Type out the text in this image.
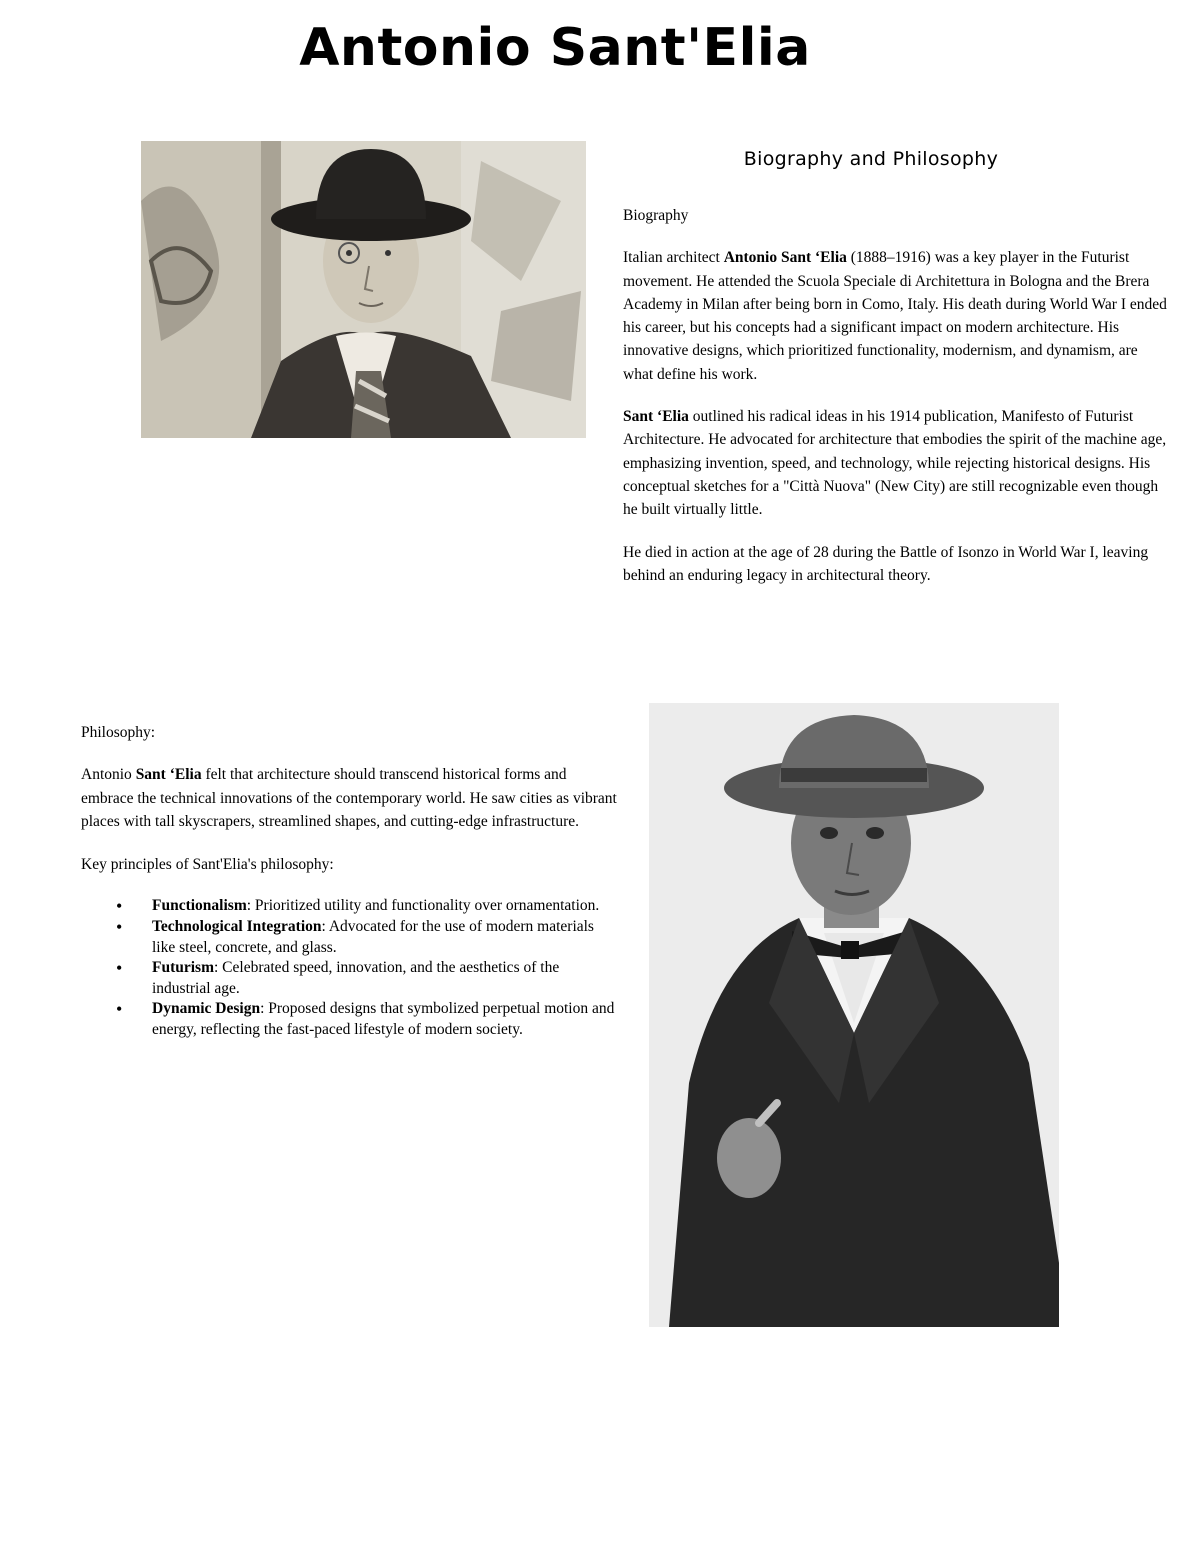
Antonio Sant'Elia
Biography and Philosophy

Biography

Italian architect Antonio Sant ‘Elia (1888–1916) was a key player in the Futurist movement. He attended the Scuola Speciale di Architettura in Bologna and the Brera Academy in Milan after being born in Como, Italy. His death during World War I ended his career, but his concepts had a significant impact on modern architecture. His innovative designs, which prioritized functionality, modernism, and dynamism, are what define his work.

Sant ‘Elia outlined his radical ideas in his 1914 publication, Manifesto of Futurist Architecture. He advocated for architecture that embodies the spirit of the machine age, emphasizing invention, speed, and technology, while rejecting historical designs. His conceptual sketches for a "Città Nuova" (New City) are still recognizable even though he built virtually little.

He died in action at the age of 28 during the Battle of Isonzo in World War I, leaving behind an enduring legacy in architectural theory.

Philosophy:

Antonio Sant ‘Elia felt that architecture should transcend historical forms and embrace the technical innovations of the contemporary world. He saw cities as vibrant places with tall skyscrapers, streamlined shapes, and cutting-edge infrastructure.

Key principles of Sant'Elia's philosophy:

• Functionalism: Prioritized utility and functionality over ornamentation.
• Technological Integration: Advocated for the use of modern materials like steel, concrete, and glass.
• Futurism: Celebrated speed, innovation, and the aesthetics of the industrial age.
• Dynamic Design: Proposed designs that symbolized perpetual motion and energy, reflecting the fast-paced lifestyle of modern society.
